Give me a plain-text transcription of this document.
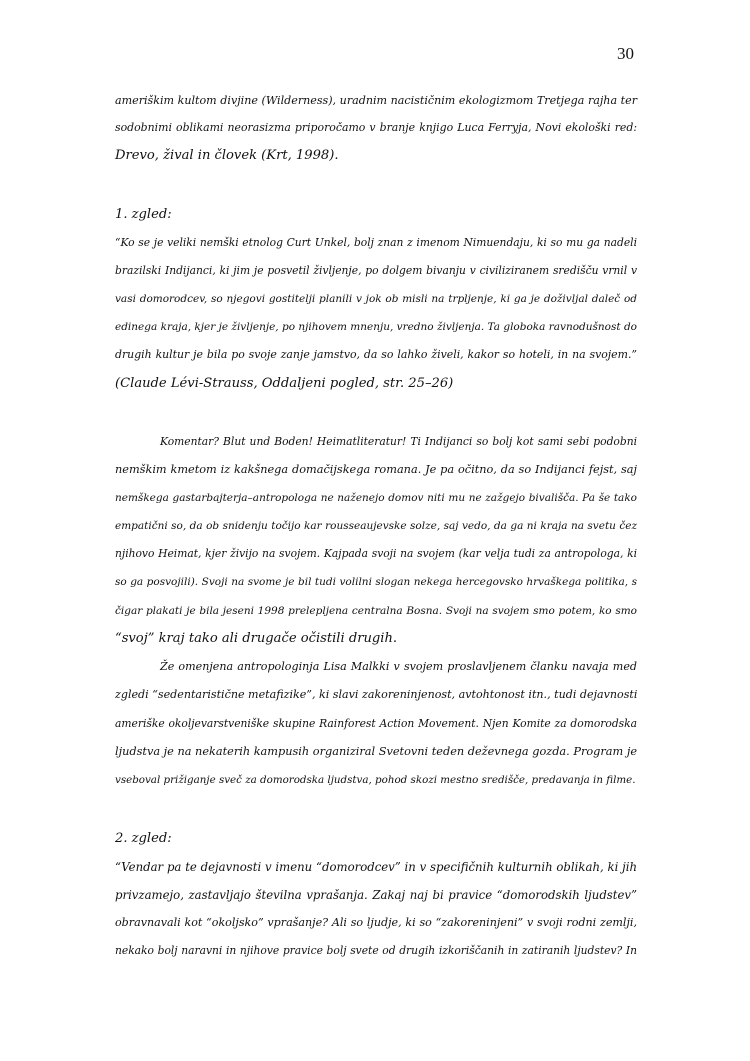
30
ameriškim kultom divjine (Wilderness), uradnim nacističnim ekologizmom Tretjega rajha ter
sodobnimi oblikami neorasizma priporočamo v branje knjigo Luca Ferryja, Novi ekološki red:
Drevo, žival in človek (Krt, 1998).
1. zgled:
“Ko se je veliki nemški etnolog Curt Unkel, bolj znan z imenom Nimuendaju, ki so mu ga nadeli
brazilski Indijanci, ki jim je posvetil življenje, po dolgem bivanju v civiliziranem središču vrnil v
vasi domorodcev, so njegovi gostitelji planili v jok ob misli na trpljenje, ki ga je doživljal daleč od
edinega kraja, kjer je življenje, po njihovem mnenju, vredno življenja. Ta globoka ravnodušnost do
drugih kultur je bila po svoje zanje jamstvo, da so lahko živeli, kakor so hoteli, in na svojem.”
(Claude Lévi-Strauss, Oddaljeni pogled, str. 25–26)
Komentar? Blut und Boden! Heimatliteratur! Ti Indijanci so bolj kot sami sebi podobni
nemškim kmetom iz kakšnega domačijskega romana. Je pa očitno, da so Indijanci fejst, saj
nemškega gastarbajterja–antropologa ne naženejo domov niti mu ne zažgejo bivališča. Pa še tako
empatični so, da ob snidenju točijo kar rousseaujevske solze, saj vedo, da ga ni kraja na svetu čez
njihovo Heimat, kjer živijo na svojem. Kajpada svoji na svojem (kar velja tudi za antropologa, ki
so ga posvojili). Svoji na svome je bil tudi volilni slogan nekega hercegovsko hrvaškega politika, s
čigar plakati je bila jeseni 1998 prelepljena centralna Bosna. Svoji na svojem smo potem, ko smo
“svoj” kraj tako ali drugače očistili drugih.
Že omenjena antropologinja Lisa Malkki v svojem proslavljenem članku navaja med
zgledi “sedentaristične metafizike”, ki slavi zakoreninjenost, avtohtonost itn., tudi dejavnosti
ameriške okoljevarstveniške skupine Rainforest Action Movement. Njen Komite za domorodska
ljudstva je na nekaterih kampusih organiziral Svetovni teden deževnega gozda. Program je
vseboval prižiganje sveč za domorodska ljudstva, pohod skozi mestno središče, predavanja in filme.
2. zgled:
“Vendar pa te dejavnosti v imenu “domorodcev” in v specifičnih kulturnih oblikah, ki jih
privzamejo, zastavljajo številna vprašanja. Zakaj naj bi pravice “domorodskih ljudstev”
obravnavali kot “okoljsko” vprašanje? Ali so ljudje, ki so “zakoreninjeni” v svoji rodni zemlji,
nekako bolj naravni in njihove pravice bolj svete od drugih izkoriščanih in zatiranih ljudstev? In
